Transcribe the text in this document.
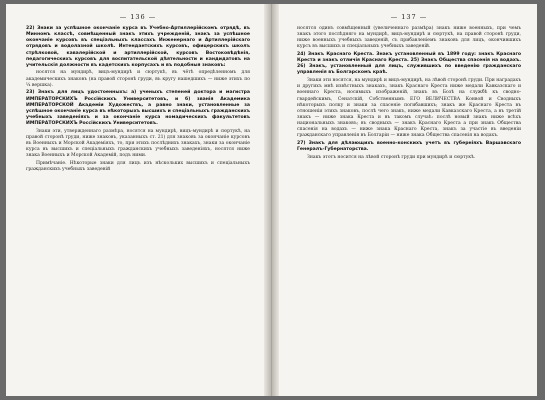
— 136 —

22) Знаки за успѣшное окончаніе курса въ Учебно-Артиллерійскомъ отрядѣ, въ Минномъ классѣ, совмѣщенный знакъ этихъ учрежденій, знакъ за успѣшное окончаніе курсовъ въ спеціальныхъ классахъ Инженернаго и Артиллерійскаго отрядовъ и водолазной школѣ. Интендантскихъ курсовъ, офицерскихъ школъ стрѣлковой, кавалерійской и артиллерійской, курсовъ Востоковѣдѣнія, педагогическихъ курсовъ для воспитательской дѣятельности и кандидатовъ на учительскія должности въ кадетскихъ корпусахъ и въ подобныя знаковъ:

носятся на мундирѣ, вицъ-мундирѣ и сюртукѣ, въ чётѣ опредѣленномъ для академическихъ знаковъ (на правой сторонѣ груди, въ кругу нашедшихъ — ниже этихъ по ¼ вершка).

23) Знакъ для лицъ удостоенныхъ: а) ученыхъ степеней доктора и магистра ИМПЕРАТОРСКИХЪ Россійскихъ Университетовъ, и б) званія Академика ИМПЕРАТОРСКОЙ Академіи Художествъ, а равно знаки, установленные за успѣшное окончаніе курса въ нѣкоторыхъ высшихъ и спеціальныхъ гражданскихъ учебныхъ заведеніяхъ и за окончаніе курса номадическихъ факультетовъ ИМПЕРАТОРСКИХЪ Россійскихъ Университетовъ.

Знаки эти, утвержденнаго размѣра, носятся на мундирѣ, вицъ-мундирѣ и сюртукѣ, на правой сторонѣ груди, ниже знаковъ, указанныхъ ст. 21) для знаковъ за окончаніе курсовъ въ Военныхъ и Морской Академіяхъ, то, при этихъ послѣднихъ знакахъ, знаки за окончаніе курса въ высшихъ и спеціальныхъ гражданскихъ учебныхъ заведеніяхъ, носятся ниже знака Военныхъ и Морской Академій, подъ ними.

Примѣчаніе. Нѣкоторые знаки для лицъ изъ нѣскольких высшихъ и спеціальныхъ гражданскихъ учебныхъ заведеній

— 137 —

носятся одинъ совмѣщенный (увеличеннаго размѣра) знакъ ниже военныхъ, при чемъ знакъ этого послѣдняго на мундирѣ, вицъ-мундирѣ и сюртукѣ, на правой сторонѣ груди, ниже военныхъ учебныхъ заведеній, съ прибавленіемъ знаковъ для лицъ, окончившихъ курсъ въ высшихъ и спеціальныхъ учебныхъ заведеній.

24) Знакъ Краснаго Креста. Знакъ установленный въ 1899 году: знакъ Краснаго Креста и знакъ отличія Краснаго Креста. 25) Знакъ Общества спасенія на водахъ. 26) Знакъ, установленный для лицъ, служившихъ по введенію гражданскаго управленія въ Болгарскомъ краѣ.

Знаки эти носятся, на мундирѣ и вицъ-мундирѣ, на лѣвой сторонѣ груди. При наградахъ и другихъ мнѣ извѣстныхъ знакахъ, знакъ Краснаго Креста ниже медали Кавказскаго и военнаго Креста, носимыхъ изображеній, знакъ въ Бозѣ на службѣ къ сводно-гвардейскимъ, Сенатскій, Собственнымъ ЕГО ВЕЛИЧЕСТВА Конвой и Сводныхъ нѣкоторыхъ полку и знаки за спасеніе погибавшихъ; знакъ же Краснаго Креста въ отношеніи этихъ знаковъ, послѣ чего знакъ, ниже медали Кавказскаго Креста, а въ третій знакъ — ниже знака Креста и въ такомъ случаѣ: послѣ новый знакъ ниже всѣхъ национальныхъ знаковъ; въ сводныхъ — знакъ Краснаго Креста а при знакъ Общества спасенія на водахъ — ниже знака Краснаго Креста, знакъ за участіе въ введеніи гражданскаго управленія въ Болгаріи — ниже знака Общества спасенія на водахъ.

27) Знакъ для дѣлающихъ военно-конскихъ учетъ въ губерніяхъ Варшавскаго Генералъ-Губернаторства.

Знакъ этотъ носится на лѣвой сторонѣ груди при мундирѣ и сюртукѣ.
